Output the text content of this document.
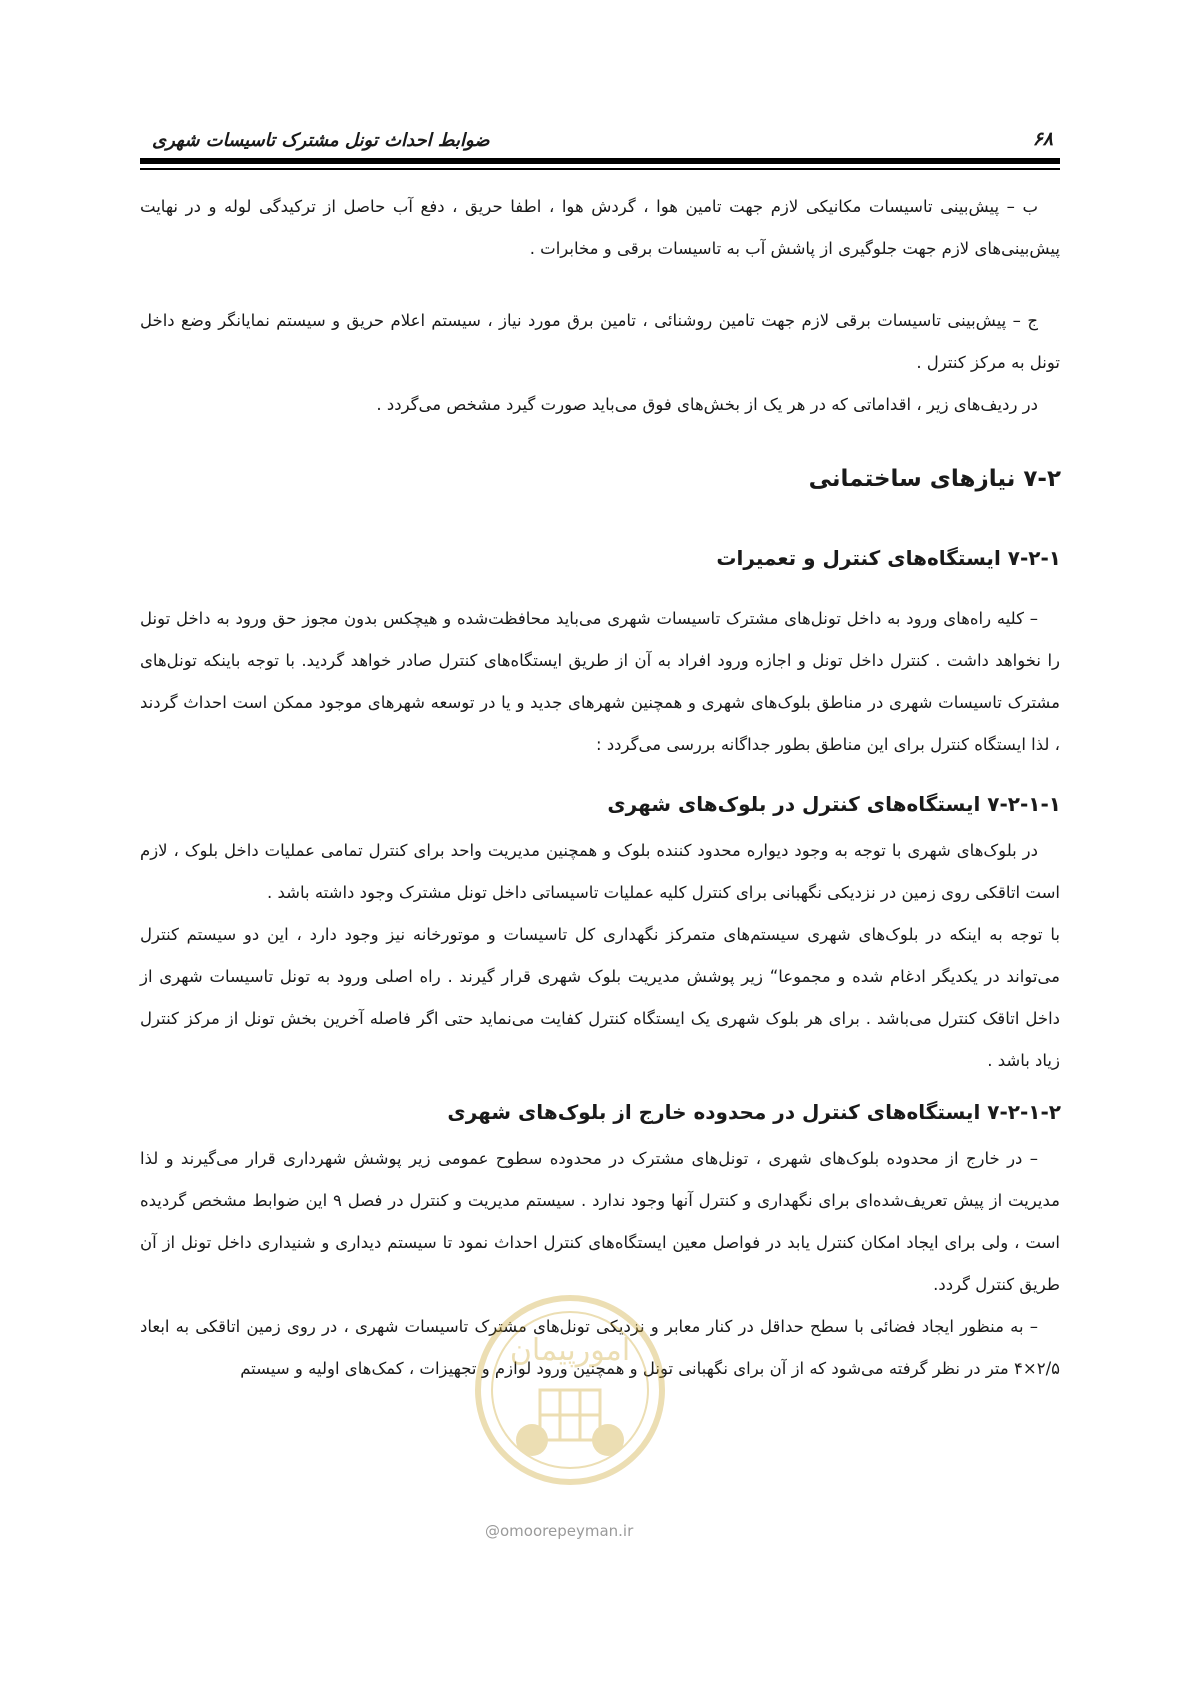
۶۸
ضوابط احداث تونل مشترک تاسیسات شهری

ب – پیش‌بینی تاسیسات مکانیکی لازم جهت تامین هوا ، گردش هوا ، اطفا حریق ، دفع آب حاصل از ترکیدگی لوله و در نهایت پیش‌بینی‌های لازم جهت جلوگیری از پاشش آب به تاسیسات برقی و مخابرات .

ج – پیش‌بینی تاسیسات برقی لازم جهت تامین روشنائی ، تامین برق مورد نیاز ، سیستم اعلام حریق و سیستم نمایانگر وضع داخل تونل به مرکز کنترل .

در ردیف‌های زیر ، اقداماتی که در هر یک از بخش‌های فوق می‌باید صورت گیرد مشخص می‌گردد .

۷-۲ نیازهای ساختمانی
۷-۲-۱ ایستگاه‌های کنترل و تعمیرات

– کلیه راه‌های ورود به داخل تونل‌های مشترک تاسیسات شهری می‌باید محافظت‌شده و هیچکس بدون مجوز حق ورود به داخل تونل را نخواهد داشت . کنترل داخل تونل و اجازه ورود افراد به آن از طریق ایستگاه‌های کنترل صادر خواهد گردید. با توجه باینکه تونل‌های مشترک تاسیسات شهری در مناطق بلوک‌های شهری و همچنین شهرهای جدید و یا در توسعه شهرهای موجود ممکن است احداث گردند ، لذا ایستگاه کنترل برای این مناطق بطور جداگانه بررسی می‌گردد :

۷-۲-۱-۱ ایستگاه‌های کنترل در بلوک‌های شهری

در بلوک‌های شهری با توجه به وجود دیواره محدود کننده بلوک و همچنین مدیریت واحد برای کنترل تمامی عملیات داخل بلوک ، لازم است اتاقکی روی زمین در نزدیکی نگهبانی برای کنترل کلیه عملیات تاسیساتی داخل تونل مشترک وجود داشته باشد .

با توجه به اینکه در بلوک‌های شهری سیستم‌های متمرکز نگهداری کل تاسیسات و موتورخانه نیز وجود دارد ، این دو سیستم کنترل می‌تواند در یکدیگر ادغام شده و مجموعا“ زیر پوشش مدیریت بلوک شهری قرار گیرند . راه اصلی ورود به تونل تاسیسات شهری از داخل اتاقک کنترل می‌باشد . برای هر بلوک شهری یک ایستگاه کنترل کفایت می‌نماید حتی اگر فاصله آخرین بخش تونل از مرکز کنترل زیاد باشد .

۷-۲-۱-۲ ایستگاه‌های کنترل در محدوده خارج از بلوک‌های شهری

– در خارج از محدوده بلوک‌های شهری ، تونل‌های مشترک در محدوده سطوح عمومی زیر پوشش شهرداری قرار می‌گیرند و لذا مدیریت از پیش تعریف‌شده‌ای برای نگهداری و کنترل آنها وجود ندارد . سیستم مدیریت و کنترل در فصل ۹ این ضوابط مشخص گردیده است ، ولی برای ایجاد امکان کنترل یابد در فواصل معین ایستگاه‌های کنترل احداث نمود تا سیستم دیداری و شنیداری داخل تونل از آن طریق کنترل گردد.

– به منظور ایجاد فضائی با سطح حداقل در کنار معابر و نزدیکی تونل‌های مشترک تاسیسات شهری ، در روی زمین اتاقکی به ابعاد ۲/۵×۴ متر در نظر گرفته می‌شود که از آن برای نگهبانی تونل و همچنین ورود لوازم و تجهیزات ، کمک‌های اولیه و سیستم

امورپیمان
@omoorepeyman.ir
